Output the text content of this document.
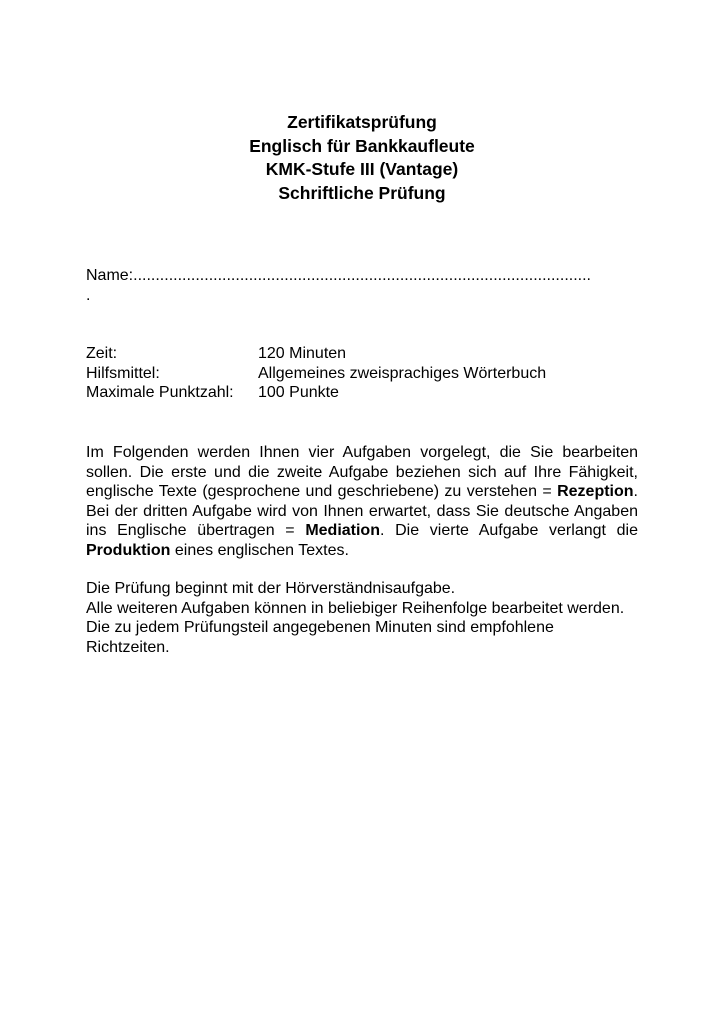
Zertifikatsprüfung
Englisch für Bankkaufleute
KMK-Stufe III (Vantage)
Schriftliche Prüfung
Name:.......................................................................................................
.
Zeit:	120 Minuten
Hilfsmittel:	Allgemeines zweisprachiges Wörterbuch
Maximale Punktzahl:	100 Punkte

Im Folgenden werden Ihnen vier Aufgaben vorgelegt, die Sie bearbeiten sollen. Die erste und die zweite Aufgabe beziehen sich auf Ihre Fähigkeit, englische Texte (gesprochene und geschriebene) zu verstehen = Rezeption. Bei der dritten Aufgabe wird von Ihnen erwartet, dass Sie deutsche Angaben ins Englische übertragen = Mediation. Die vierte Aufgabe verlangt die Produktion eines englischen Textes.

Die Prüfung beginnt mit der Hörverständnisaufgabe.
Alle weiteren Aufgaben können in beliebiger Reihenfolge bearbeitet werden.
Die zu jedem Prüfungsteil angegebenen Minuten sind empfohlene Richtzeiten.
